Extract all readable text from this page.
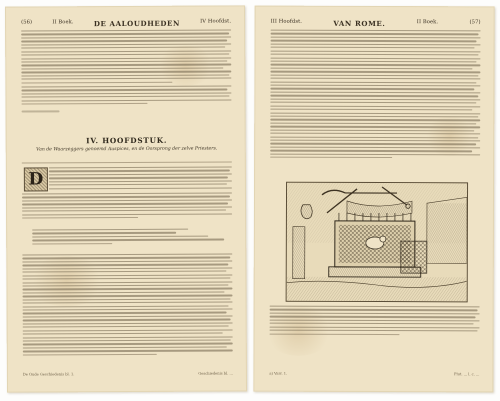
(56)	II Boek.	DE AALOUDHEDEN	IV Hoofdst.
IV. HOOFDSTUK.
Van de Waarzeggers genoemd Auspices, en de Oorsprong der zelve Priesters.
D
De Oude Geschiedenis bl. 1.	Geschiedenis bl. ...
III Hoofdst.	VAN ROME.	II Boek.	(57)
a) Varr. 1.	Plut. ... l. c. ...
